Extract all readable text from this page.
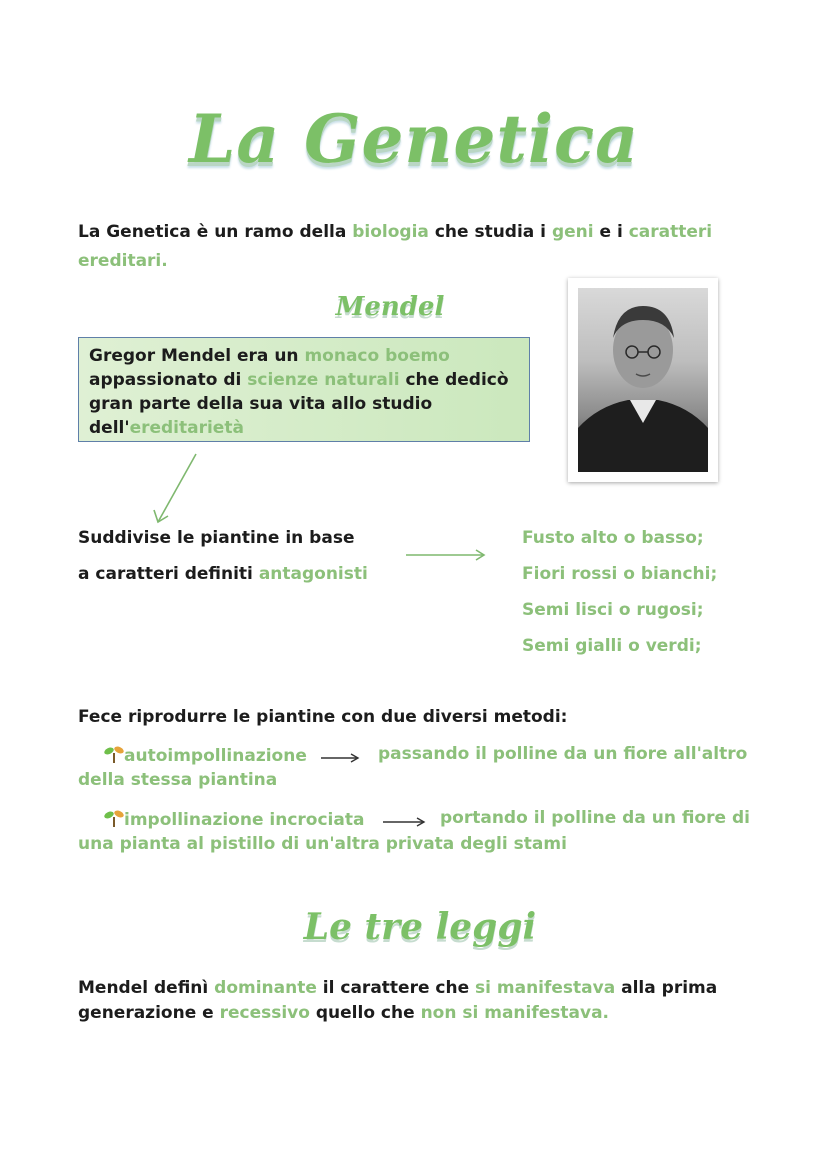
La Genetica
La Genetica è un ramo della biologia che studia i geni e i caratteri
ereditari.
Mendel
Gregor Mendel era un monaco boemo
appassionato di scienze naturali che dedicò
gran parte della sua vita allo studio
dell'ereditarietà
Suddivise le piantine in base
a caratteri definiti antagonisti
Fusto alto o basso;
Fiori rossi o bianchi;
Semi lisci o rugosi;
Semi gialli o verdi;
Fece riprodurre le piantine con due diversi metodi:
autoimpollinazione	passando il polline da un fiore all'altro
della stessa piantina
impollinazione incrociata	portando il polline da un fiore di
una pianta al pistillo di un'altra privata degli stami
Le tre leggi
Mendel definì dominante il carattere che si manifestava alla prima
generazione e recessivo quello che non si manifestava.
